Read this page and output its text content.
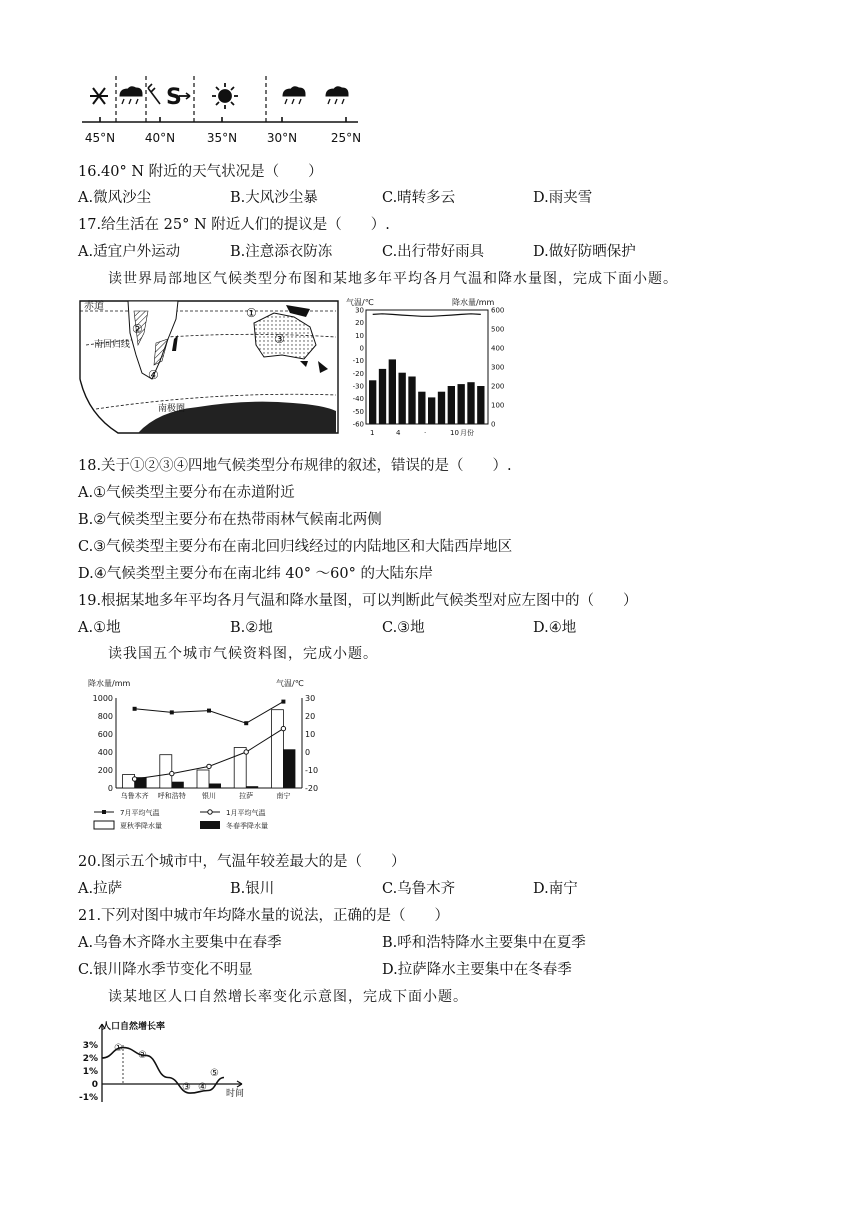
S
45°N 40°N	35°N 30°N	25°N
16.40° N 附近的天气状况是（　　）
A.微风沙尘	B.大风沙尘暴	C.晴转多云	D.雨夹雪
17.给生活在 25° N 附近人们的提议是（　　）.
A.适宜户外运动	B.注意添衣防冻	C.出行带好雨具	D.做好防晒保护
读世界局部地区气候类型分布图和某地多年平均各月气温和降水量图，完成下面小题。
赤道
南回归线
南极圈
①
②
③
④
气温/℃	降水量/mm
30
20
10
0
-10
-20
-30
-40
-50
-60
600
500
400
300
200
100
0
1	4	·	10 月份
18.关于①②③④四地气候类型分布规律的叙述，错误的是（　　）.
A.①气候类型主要分布在赤道附近
B.②气候类型主要分布在热带雨林气候南北两侧
C.③气候类型主要分布在南北回归线经过的内陆地区和大陆西岸地区
D.④气候类型主要分布在南北纬 40° ～60° 的大陆东岸
19.根据某地多年平均各月气温和降水量图，可以判断此气候类型对应左图中的（　　）
A.①地	B.②地	C.③地	D.④地
读我国五个城市气候资料图，完成小题。
降水量/mm	气温/℃
1000
800
600
400
200
0
30
20
10
0
-10
-20
乌鲁木齐 呼和浩特 银川	拉萨	南宁
7月平均气温	1月平均气温
夏秋季降水量	冬春季降水量
20.图示五个城市中，气温年较差最大的是（　　）
A.拉萨	B.银川	C.乌鲁木齐	D.南宁
21.下列对图中城市年均降水量的说法，正确的是（　　）
A.乌鲁木齐降水主要集中在春季	B.呼和浩特降水主要集中在夏季
C.银川降水季节变化不明显	D.拉萨降水主要集中在冬春季
读某地区人口自然增长率变化示意图，完成下面小题。
人口自然增长率
时间
3%
2%
1%
0
-1%
①
②
③ ④
⑤
